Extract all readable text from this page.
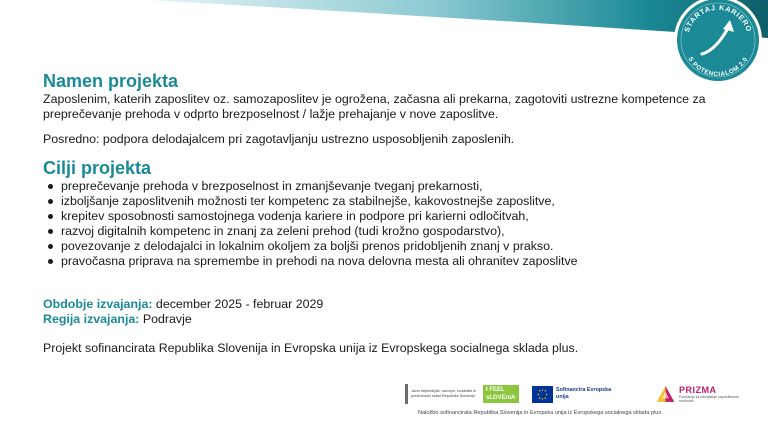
STARTAJ KARIERO
S POTENCIALOM 2.0
Namen projekta

Zaposlenim, katerih zaposlitev oz. samozaposlitev je ogrožena, začasna ali prekarna, zagotoviti ustrezne kompetence za preprečevanje prehoda v odprto brezposelnost / lažje prehajanje v nove zaposlitve.

Posredno: podpora delodajalcem pri zagotavljanju ustrezno usposobljenih zaposlenih.

Cilji projekta
preprečevanje prehoda v brezposelnost in zmanjševanje tveganj prekarnosti,
izboljšanje zaposlitvenih možnosti ter kompetenc za stabilnejše, kakovostnejše zaposlitve,
krepitev sposobnosti samostojnega vodenja kariere in podpore pri karierni odločitvah,
razvoj digitalnih kompetenc in znanj za zeleni prehod (tudi krožno gospodarstvo),
povezovanje z delodajalci in lokalnim okoljem za boljši prenos pridobljenih znanj v prakso.
pravočasna priprava na spremembe in prehodi na nova delovna mesta ali ohranitev zaposlitve

Obdobje izvajanja: december 2025 - februar 2029

Regija izvajanja: Podravje

Projekt sofinancirata Republika Slovenija in Evropska unija iz Evropskega socialnega sklada plus.

Javni štipendijski, razvojni, invalidski in preživninski sklad Republike Slovenije
I FEEL sLOVEnIA
Sofinancira Evropska unija
PRIZMA
Fundacija za izboljšanje zaposlitvenih možnosti
Naložbo sofinancirata Republika Slovenija in Evropska unija iz Evropskega socialnega sklada plus.
